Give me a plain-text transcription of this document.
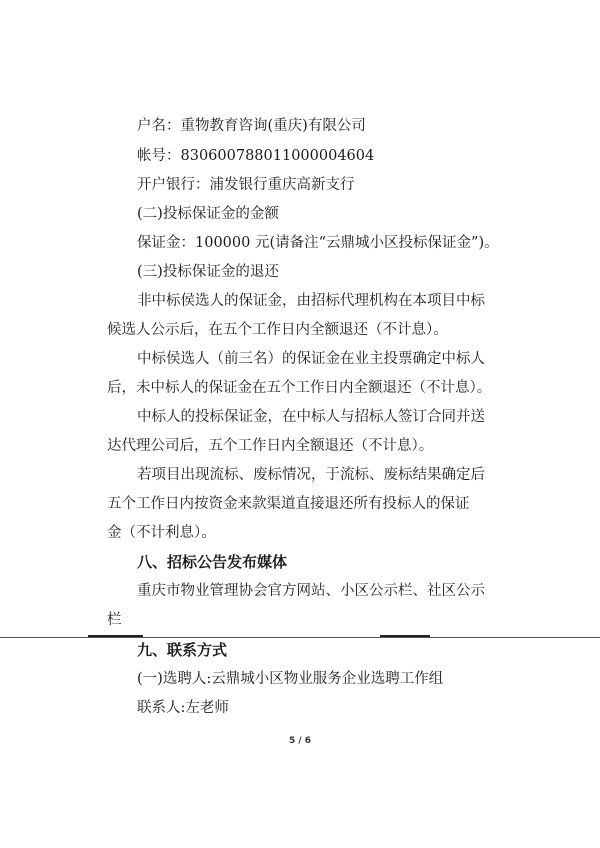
户名：重物教育咨询(重庆)有限公司
帐号：83060078801100000460​4
开户银行：浦发银行重庆高新支行
(二)投标保证金的金额
保证金：100000 元(请备注“云鼎城小区投标保证金”)。
(三)投标保证金的退还
非中标侯选人的保证金，由招标代理机构在本项目中标
候选人公示后，在五个工作日内全额退还（不计息）。
中标侯选人（前三名）的保证金在业主投票确定中标人
后，未中标人的保证金在五个工作日内全额退还（不计息）。
中标人的投标保证金，在中标人与招标人签订合同并送
达代理公司后，五个工作日内全额退还（不计息）。
若项目出现流标、废标情况，于流标、废标结果确定后
五个工作日内按资金来款渠道直接退还所有投标人的保证
金（不计利息）。
八、招标公告发布媒体
重庆市物业管理协会官方网站、小区公示栏、社区公示
栏
九、联系方式
(一)选聘人:云鼎城小区物业服务企业选聘工作组
联系人:左老师
5 / 6
